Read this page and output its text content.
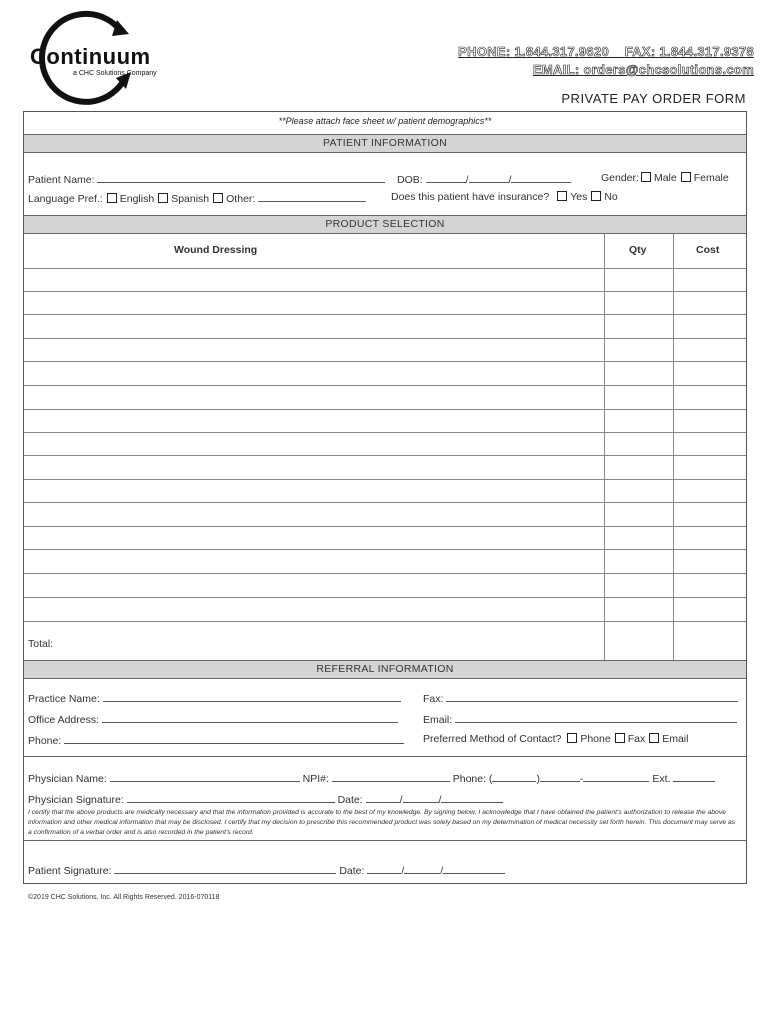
Continuum
a CHC Solutions Company
PHONE: 1.844.317.9620 FAX: 1.844.317.9378
EMAIL: orders@chcsolutions.com
PRIVATE PAY ORDER FORM
**Please attach face sheet w/ patient demographics**
PATIENT INFORMATION
Patient Name:	DOB:	/	/	Gender: Male Female
Language Pref.: English Spanish Other:	Does this patient have insurance? Yes No
PRODUCT SELECTION
Wound Dressing	Qty	Cost
Total:
REFERRAL INFORMATION
Practice Name:	Fax:
Office Address:	Email:
Phone:	Preferred Method of Contact? Phone Fax Email
Physician Name:	NPI#:	Phone: (	)	-	Ext.
Physician Signature:	Date:	/	/
I certify that the above products are medically necessary and that the information provided is accurate to the best of my knowledge. By signing below, I acknowledge that I have obtained the patient's authorization to release the above information and other medical information that may be disclosed. I certify that my decision to prescribe this recommended product was solely based on my determination of medical necessity set forth herein. This document may serve as a confirmation of a verbal order and is also recorded in the patient's record.
Patient Signature:	Date:	/	/
©2019 CHC Solutions, Inc. All Rights Reserved. 2016-070118
